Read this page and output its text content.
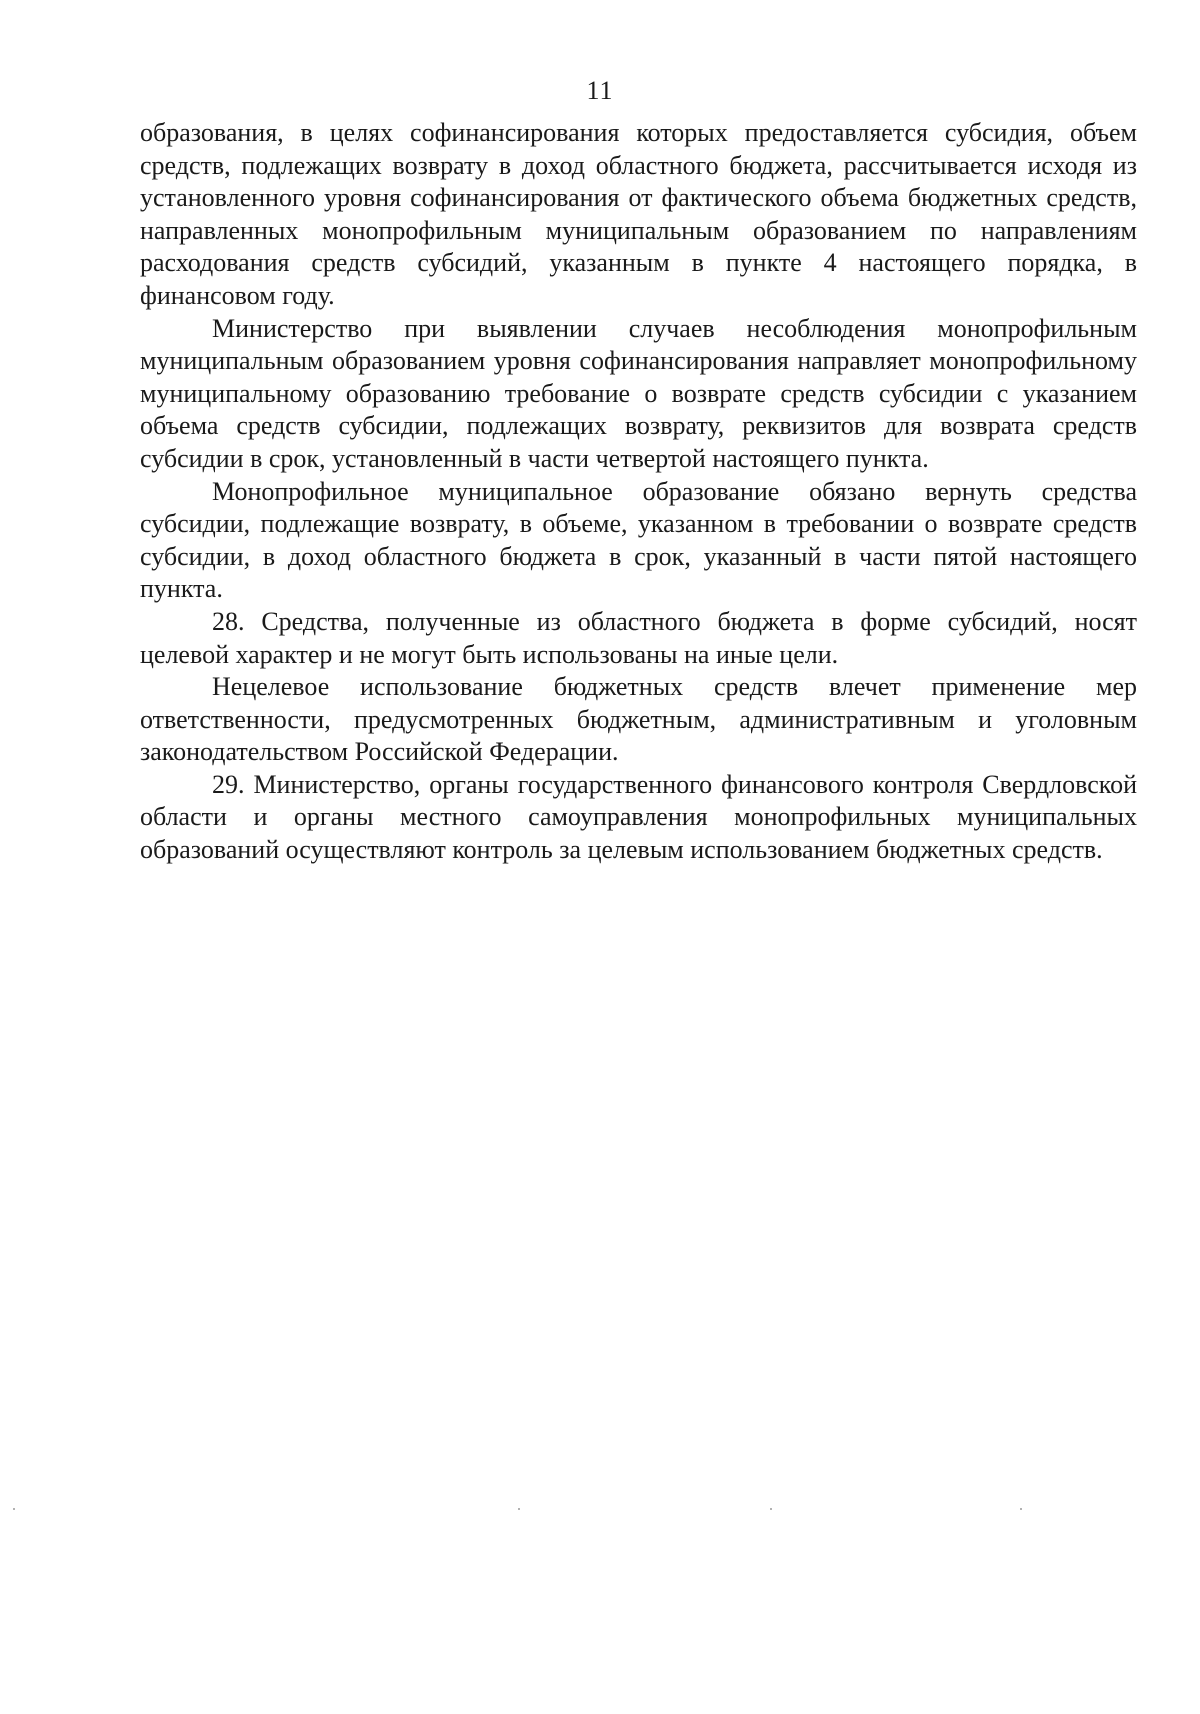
11

образования, в целях софинансирования которых предоставляется субсидия, объем средств, подлежащих возврату в доход областного бюджета, рассчитывается исходя из установленного уровня софинансирования от фактического объема бюджетных средств, направленных монопрофильным муниципальным образованием по направлениям расходования средств субсидий, указанным в пункте 4 настоящего порядка, в финансовом году.

Министерство при выявлении случаев несоблюдения монопрофильным муниципальным образованием уровня софинансирования направляет монопрофильному муниципальному образованию требование о возврате средств субсидии с указанием объема средств субсидии, подлежащих возврату, реквизитов для возврата средств субсидии в срок, установленный в части четвертой настоящего пункта.

Монопрофильное муниципальное образование обязано вернуть средства субсидии, подлежащие возврату, в объеме, указанном в требовании о возврате средств субсидии, в доход областного бюджета в срок, указанный в части пятой настоящего пункта.

28. Средства, полученные из областного бюджета в форме субсидий, носят целевой характер и не могут быть использованы на иные цели.

Нецелевое использование бюджетных средств влечет применение мер ответственности, предусмотренных бюджетным, административным и уголовным законодательством Российской Федерации.

29. Министерство, органы государственного финансового контроля Свердловской области и органы местного самоуправления монопрофильных муниципальных образований осуществляют контроль за целевым использованием бюджетных средств.
